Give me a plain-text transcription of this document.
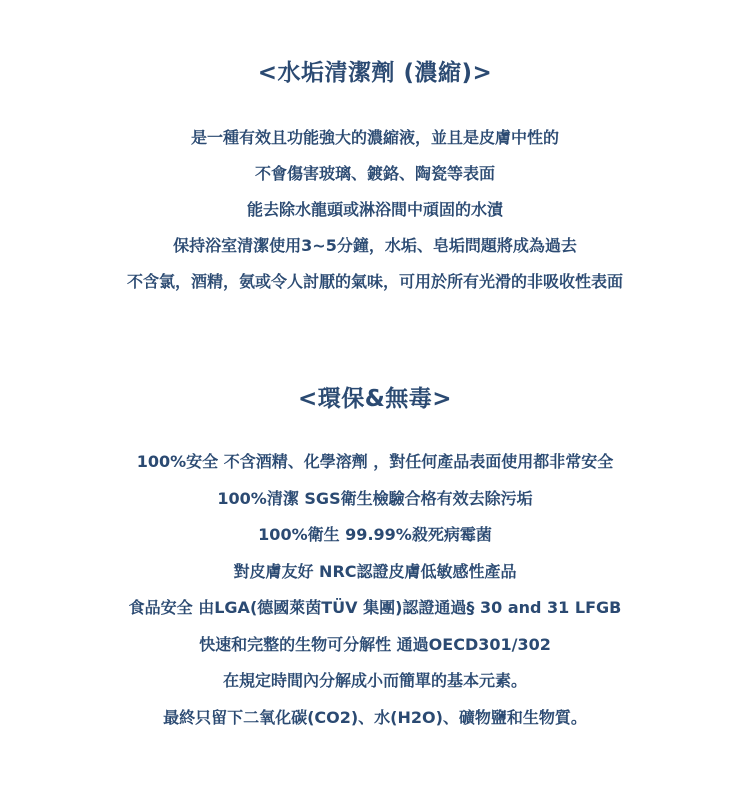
<水垢清潔劑 (濃縮)>
是一種有效且功能強大的濃縮液，並且是皮膚中性的
不會傷害玻璃、鍍鉻、陶瓷等表面
能去除水龍頭或淋浴間中頑固的水漬
保持浴室清潔使用3~5分鐘，水垢、皂垢問題將成為過去
不含氯，酒精，氨或令人討厭的氣味，可用於所有光滑的非吸收性表面
<環保&無毒>
100%安全 不含酒精、化學溶劑 ，對任何產品表面使用都非常安全
100%清潔 SGS衛生檢驗合格有效去除污垢
100%衛生 99.99%殺死病霉菌
對皮膚友好 NRC認證皮膚低敏感性產品
食品安全 由LGA(德國萊茵TÜV 集團)認證通過§ 30 and 31 LFGB
快速和完整的生物可分解性 通過OECD301/302
在規定時間內分解成小而簡單的基本元素。
最終只留下二氧化碳(CO2)、水(H2O)、礦物鹽和生物質。
